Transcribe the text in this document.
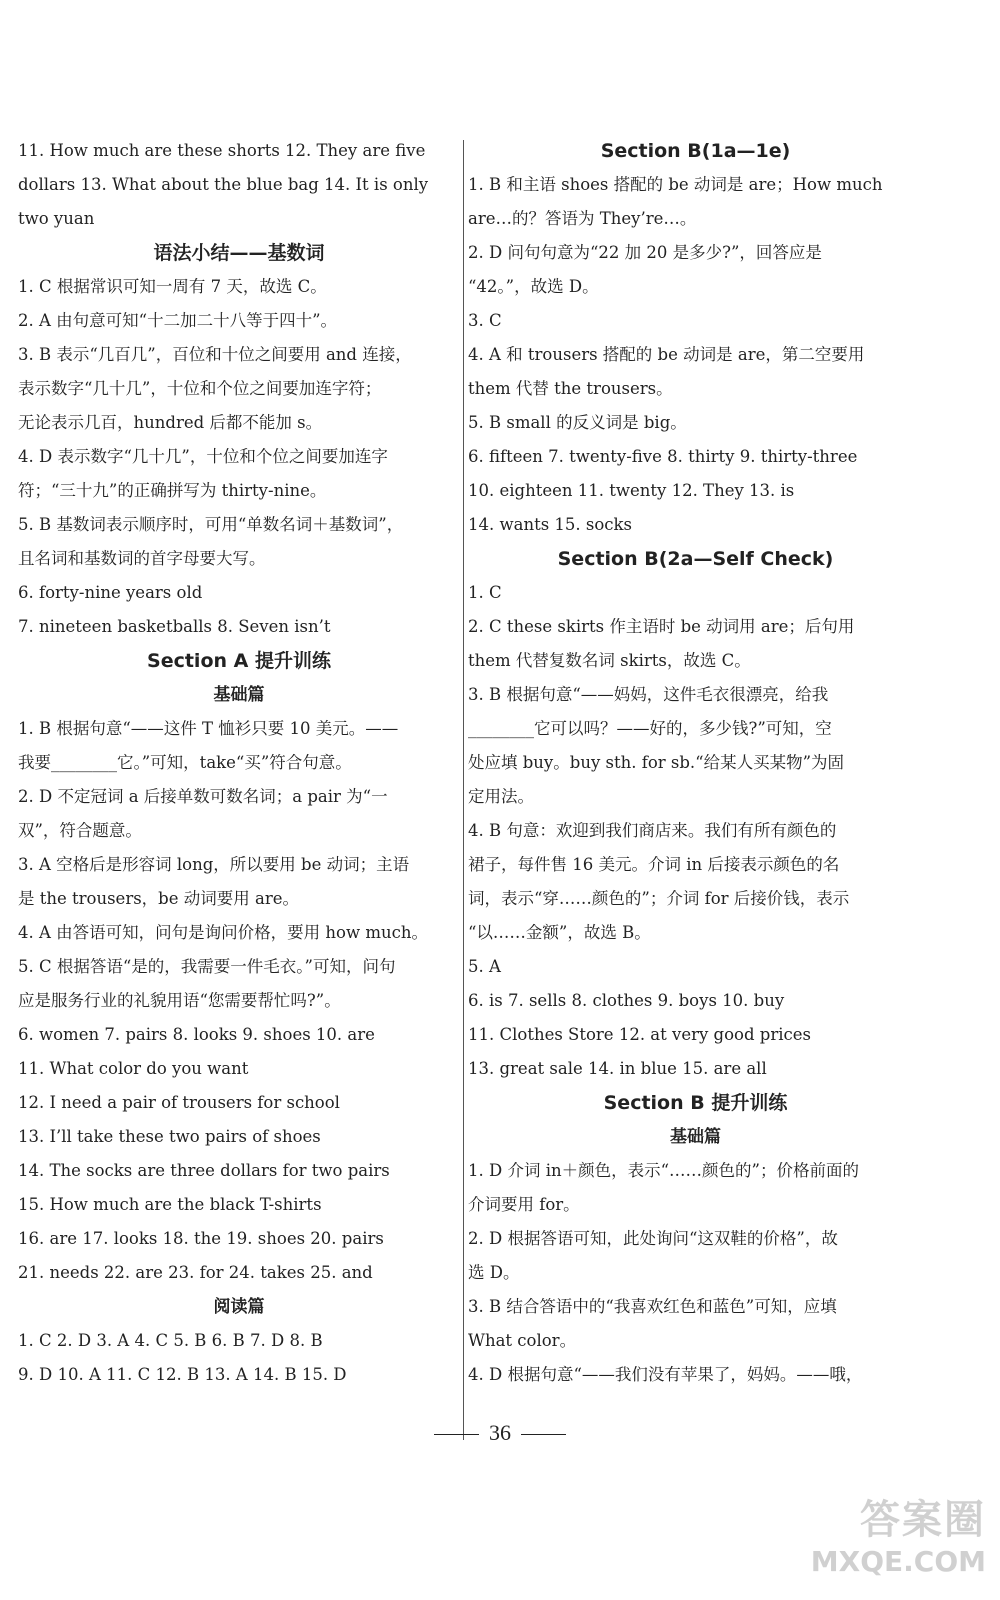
11. How much are these shorts 12. They are five
dollars 13. What about the blue bag 14. It is only
two yuan
语法小结——基数词
1. C 根据常识可知一周有 7 天，故选 C。
2. A 由句意可知“十二加二十八等于四十”。
3. B 表示“几百几”，百位和十位之间要用 and 连接，
表示数字“几十几”，十位和个位之间要加连字符；
无论表示几百，hundred 后都不能加 s。
4. D 表示数字“几十几”，十位和个位之间要加连字
符；“三十九”的正确拼写为 thirty-nine。
5. B 基数词表示顺序时，可用“单数名词＋基数词”，
且名词和基数词的首字母要大写。
6. forty-nine years old
7. nineteen basketballs 8. Seven isn’t
Section A 提升训练
基础篇
1. B 根据句意“——这件 T 恤衫只要 10 美元。——
我要________它。”可知，take“买”符合句意。
2. D 不定冠词 a 后接单数可数名词；a pair 为“一
双”，符合题意。
3. A 空格后是形容词 long，所以要用 be 动词；主语
是 the trousers，be 动词要用 are。
4. A 由答语可知，问句是询问价格，要用 how much。
5. C 根据答语“是的，我需要一件毛衣。”可知，问句
应是服务行业的礼貌用语“您需要帮忙吗?”。
6. women 7. pairs 8. looks 9. shoes 10. are
11. What color do you want
12. I need a pair of trousers for school
13. I’ll take these two pairs of shoes
14. The socks are three dollars for two pairs
15. How much are the black T-shirts
16. are 17. looks 18. the 19. shoes 20. pairs
21. needs 22. are 23. for 24. takes 25. and
阅读篇
1. C 2. D 3. A 4. C 5. B 6. B 7. D 8. B
9. D 10. A 11. C 12. B 13. A 14. B 15. D
Section B(1a—1e)
1. B 和主语 shoes 搭配的 be 动词是 are；How much
are…的？答语为 They’re…。
2. D 问句句意为“22 加 20 是多少?”，回答应是
“42。”，故选 D。
3. C
4. A 和 trousers 搭配的 be 动词是 are，第二空要用
them 代替 the trousers。
5. B small 的反义词是 big。
6. fifteen 7. twenty-five 8. thirty 9. thirty-three
10. eighteen 11. twenty 12. They 13. is
14. wants 15. socks
Section B(2a—Self Check)
1. C
2. C these skirts 作主语时 be 动词用 are；后句用
them 代替复数名词 skirts，故选 C。
3. B 根据句意“——妈妈，这件毛衣很漂亮，给我
________它可以吗？——好的，多少钱?”可知，空
处应填 buy。buy sth. for sb.“给某人买某物”为固
定用法。
4. B 句意：欢迎到我们商店来。我们有所有颜色的
裙子，每件售 16 美元。介词 in 后接表示颜色的名
词，表示“穿……颜色的”；介词 for 后接价钱，表示
“以……金额”，故选 B。
5. A
6. is 7. sells 8. clothes 9. boys 10. buy
11. Clothes Store 12. at very good prices
13. great sale 14. in blue 15. are all
Section B 提升训练
基础篇
1. D 介词 in＋颜色，表示“……颜色的”；价格前面的
介词要用 for。
2. D 根据答语可知，此处询问“这双鞋的价格”，故
选 D。
3. B 结合答语中的“我喜欢红色和蓝色”可知，应填
What color。
4. D 根据句意“——我们没有苹果了，妈妈。——哦，
36
答案圈
MXQE.COM
